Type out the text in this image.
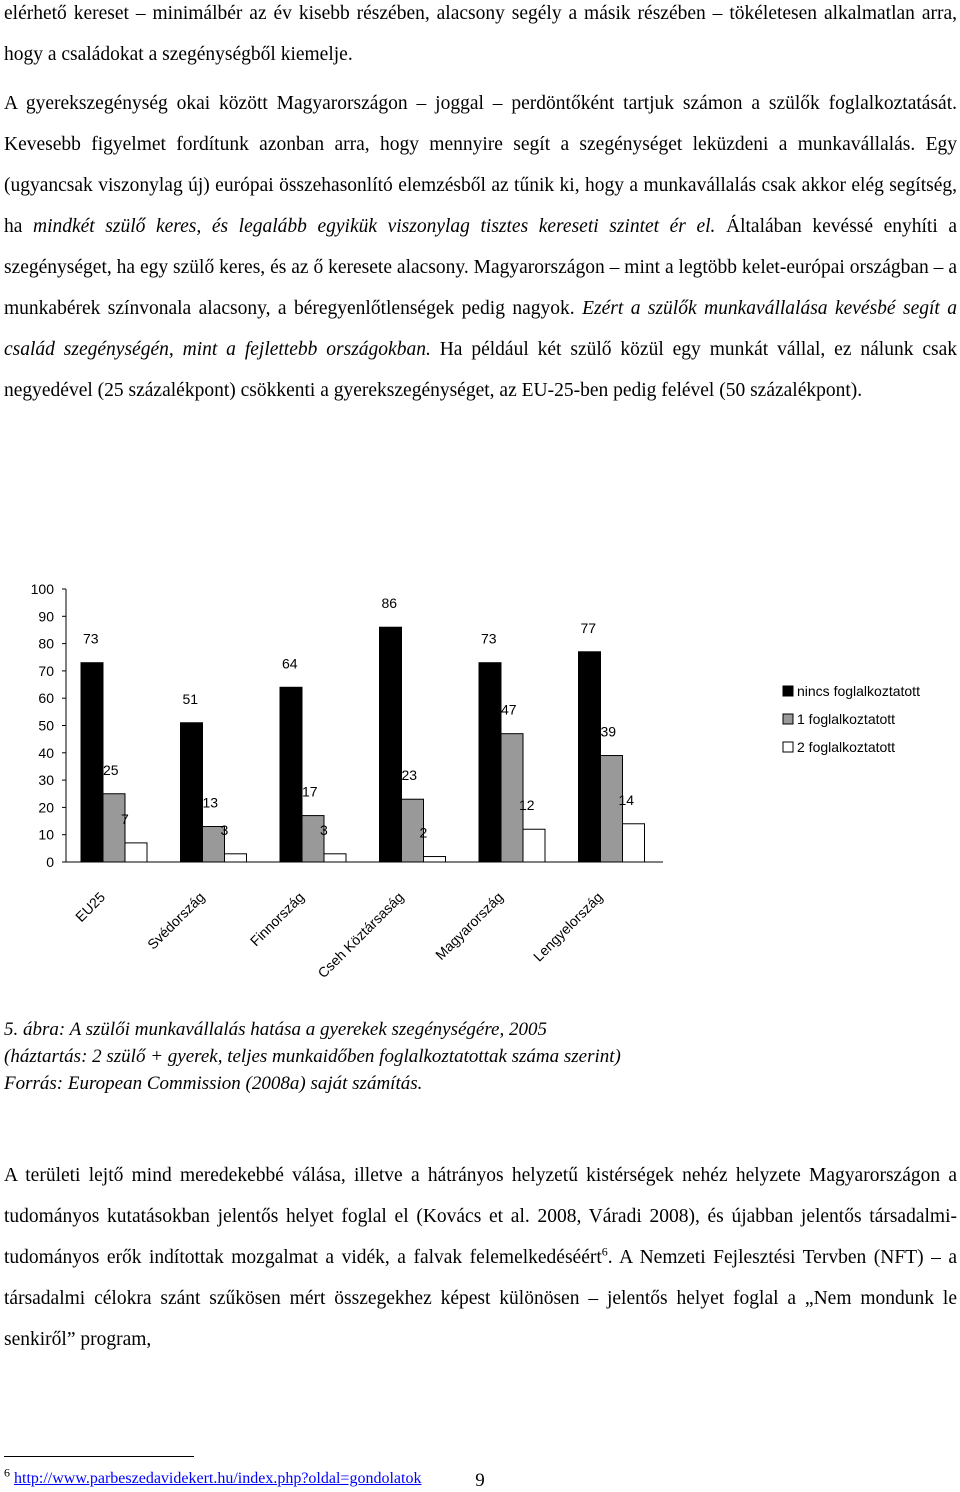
elérhető kereset – minimálbér az év kisebb részében, alacsony segély a másik részében – tökéletesen alkalmatlan arra, hogy a családokat a szegénységből kiemelje.

A gyerekszegénység okai között Magyarországon – joggal – perdöntőként tartjuk számon a szülők foglalkoztatását. Kevesebb figyelmet fordítunk azonban arra, hogy mennyire segít a szegénységet leküzdeni a munkavállalás. Egy (ugyancsak viszonylag új) európai összehasonlító elemzésből az tűnik ki, hogy a munkavállalás csak akkor elég segítség, ha mindkét szülő keres, és legalább egyikük viszonylag tisztes kereseti szintet ér el. Általában kevéssé enyhíti a szegénységet, ha egy szülő keres, és az ő keresete alacsony. Magyarországon – mint a legtöbb kelet-európai országban – a munkabérek színvonala alacsony, a béregyenlőtlenségek pedig nagyok. Ezért a szülők munkavállalása kevésbé segít a család szegénységén, mint a fejlettebb országokban. Ha például két szülő közül egy munkát vállal, ez nálunk csak negyedével (25 százalékpont) csökkenti a gyerekszegénységet, az EU-25-ben pedig felével (50 százalékpont).

0
10
20
30
40
50
60
70
80
90
100
73
25
7
EU25
51
13
3
Svédország
64
17
3
Finnország
86
23
2
Cseh Köztársaság
73
47
12
Magyarország
77
39
14
Lengyelország
nincs foglalkoztatott
1 foglalkoztatott
2 foglalkoztatott
5. ábra: A szülői munkavállalás hatása a gyerekek szegénységére, 2005
(háztartás: 2 szülő + gyerek, teljes munkaidőben foglalkoztatottak száma szerint)
Forrás: European Commission (2008a) saját számítás.

A területi lejtő mind meredekebbé válása, illetve a hátrányos helyzetű kistérségek nehéz helyzete Magyarországon a tudományos kutatásokban jelentős helyet foglal el (Kovács et al. 2008, Váradi 2008), és újabban jelentős társadalmi-tudományos erők indítottak mozgalmat a vidék, a falvak felemelkedéséért$^6$. A Nemzeti Fejlesztési Tervben (NFT) – a társadalmi célokra szánt szűkösen mért összegekhez képest különösen – jelentős helyet foglal a „Nem mondunk le senkiről” program,

$^6$ http://www.parbeszedavidekert.hu/index.php?oldal=gondolatok	9
